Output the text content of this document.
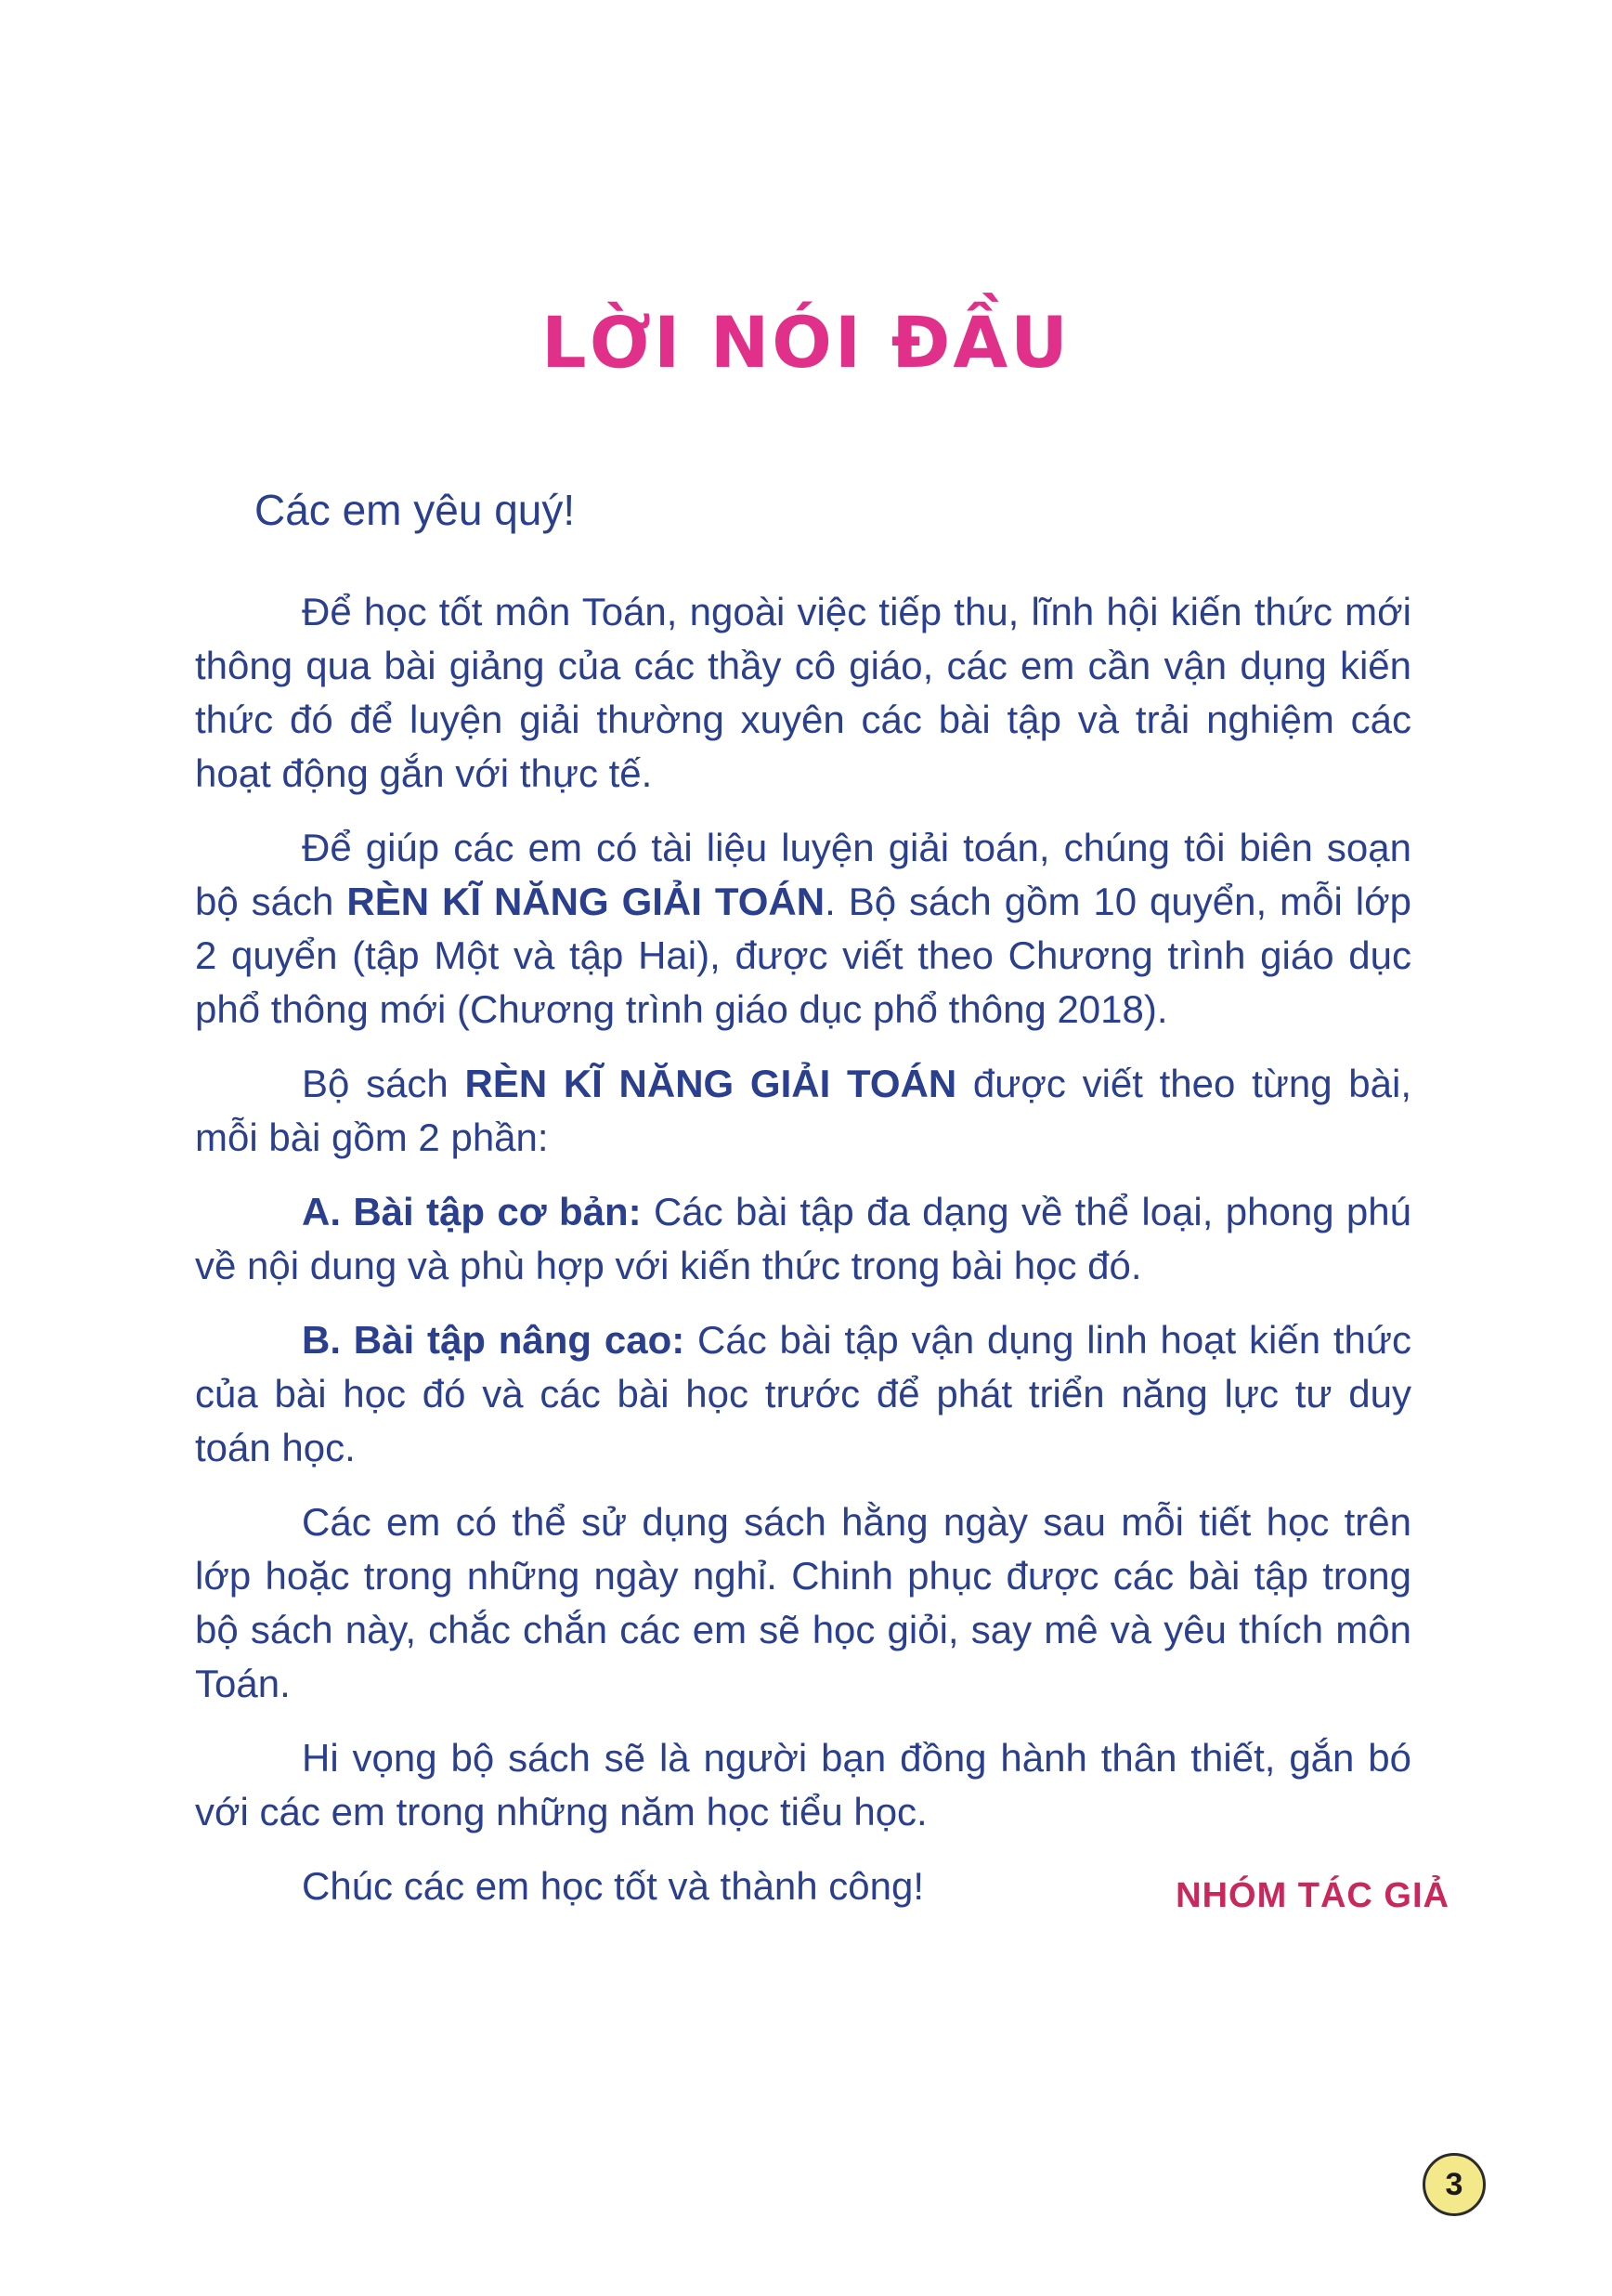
LỜI NÓI ĐẦU

Các em yêu quý!

Để học tốt môn Toán, ngoài việc tiếp thu, lĩnh hội kiến thức mới thông qua bài giảng của các thầy cô giáo, các em cần vận dụng kiến thức đó để luyện giải thường xuyên các bài tập và trải nghiệm các hoạt động gắn với thực tế.

Để giúp các em có tài liệu luyện giải toán, chúng tôi biên soạn bộ sách RÈN KĨ NĂNG GIẢI TOÁN. Bộ sách gồm 10 quyển, mỗi lớp 2 quyển (tập Một và tập Hai), được viết theo Chương trình giáo dục phổ thông mới (Chương trình giáo dục phổ thông 2018).

Bộ sách RÈN KĨ NĂNG GIẢI TOÁN được viết theo từng bài, mỗi bài gồm 2 phần:

A. Bài tập cơ bản: Các bài tập đa dạng về thể loại, phong phú về nội dung và phù hợp với kiến thức trong bài học đó.

B. Bài tập nâng cao: Các bài tập vận dụng linh hoạt kiến thức của bài học đó và các bài học trước để phát triển năng lực tư duy toán học.

Các em có thể sử dụng sách hằng ngày sau mỗi tiết học trên lớp hoặc trong những ngày nghỉ. Chinh phục được các bài tập trong bộ sách này, chắc chắn các em sẽ học giỏi, say mê và yêu thích môn Toán.

Hi vọng bộ sách sẽ là người bạn đồng hành thân thiết, gắn bó với các em trong những năm học tiểu học.

Chúc các em học tốt và thành công!	NHÓM TÁC GIẢ
3
